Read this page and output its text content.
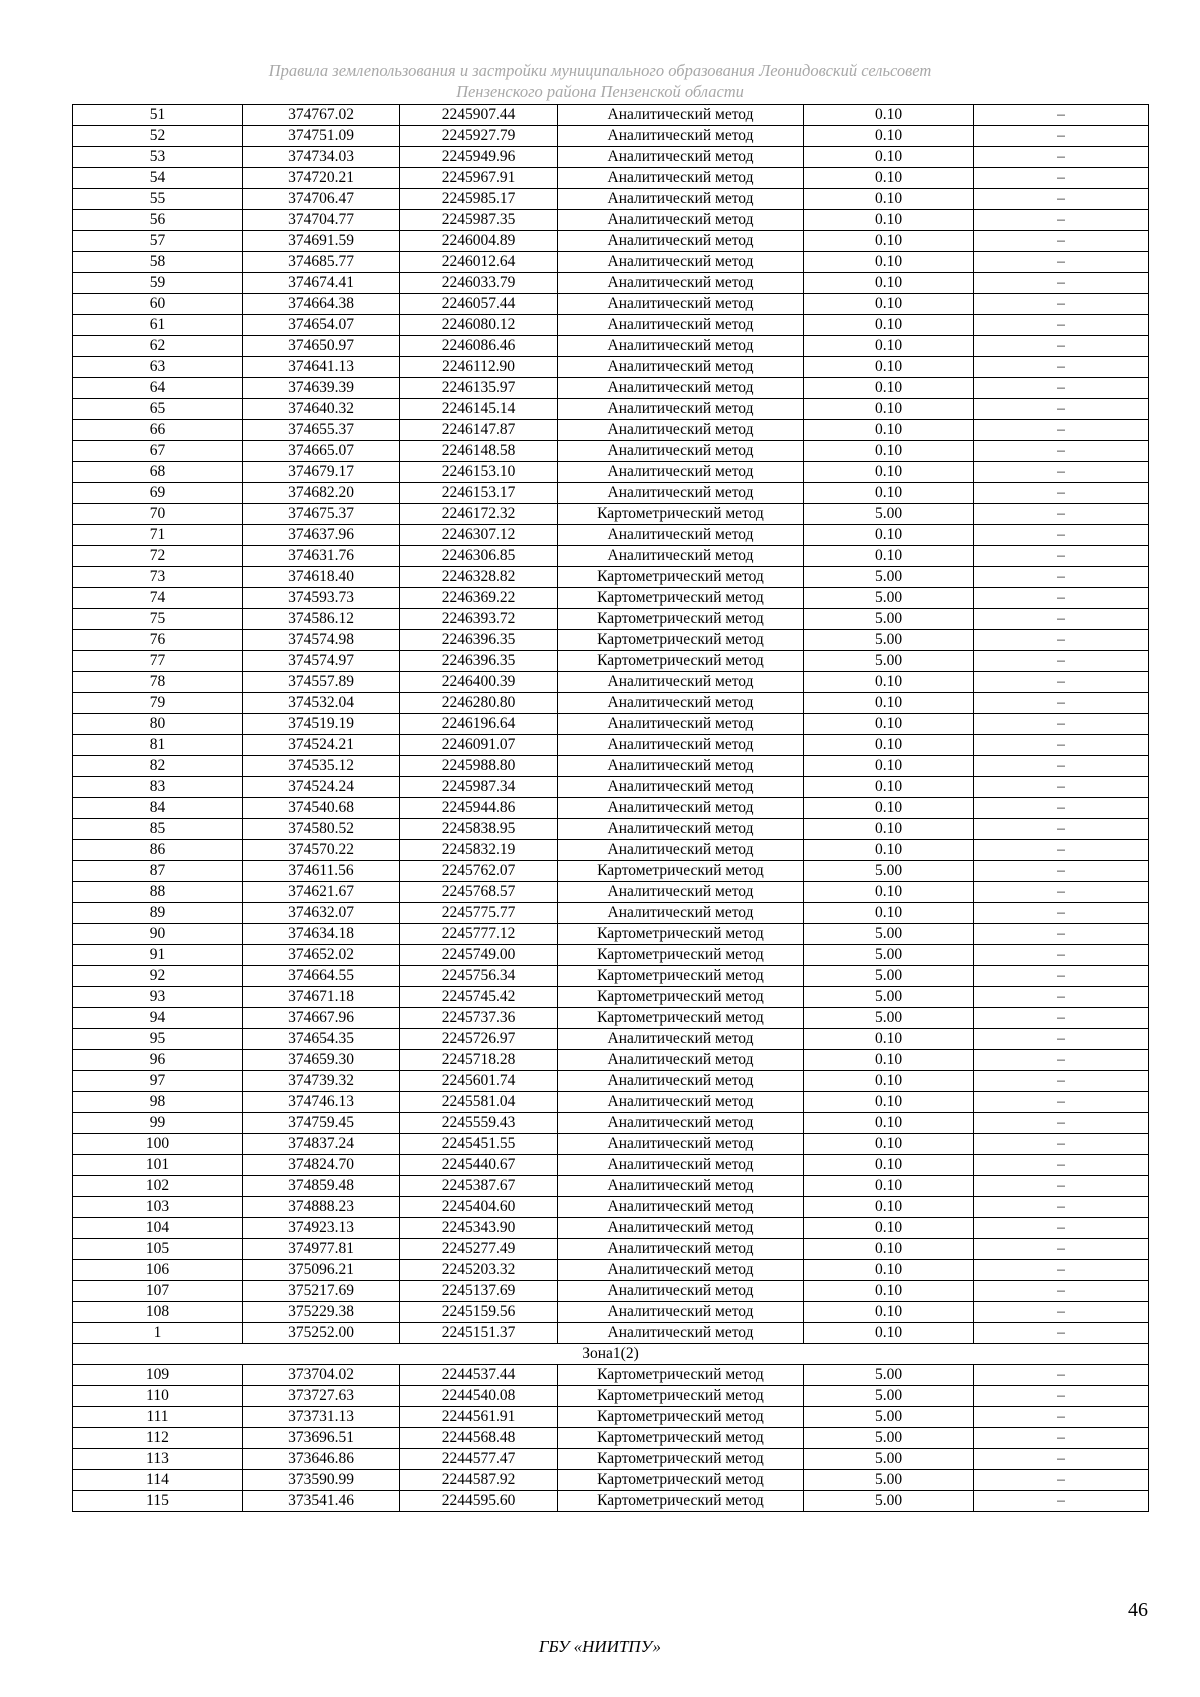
Правила землепользования и застройки муниципального образования Леонидовский сельсовет
Пензенского района Пензенской области
51	374767.02	2245907.44	Аналитический метод	0.10	–
52	374751.09	2245927.79	Аналитический метод	0.10	–
53	374734.03	2245949.96	Аналитический метод	0.10	–
54	374720.21	2245967.91	Аналитический метод	0.10	–
55	374706.47	2245985.17	Аналитический метод	0.10	–
56	374704.77	2245987.35	Аналитический метод	0.10	–
57	374691.59	2246004.89	Аналитический метод	0.10	–
58	374685.77	2246012.64	Аналитический метод	0.10	–
59	374674.41	2246033.79	Аналитический метод	0.10	–
60	374664.38	2246057.44	Аналитический метод	0.10	–
61	374654.07	2246080.12	Аналитический метод	0.10	–
62	374650.97	2246086.46	Аналитический метод	0.10	–
63	374641.13	2246112.90	Аналитический метод	0.10	–
64	374639.39	2246135.97	Аналитический метод	0.10	–
65	374640.32	2246145.14	Аналитический метод	0.10	–
66	374655.37	2246147.87	Аналитический метод	0.10	–
67	374665.07	2246148.58	Аналитический метод	0.10	–
68	374679.17	2246153.10	Аналитический метод	0.10	–
69	374682.20	2246153.17	Аналитический метод	0.10	–
70	374675.37	2246172.32	Картометрический метод	5.00	–
71	374637.96	2246307.12	Аналитический метод	0.10	–
72	374631.76	2246306.85	Аналитический метод	0.10	–
73	374618.40	2246328.82	Картометрический метод	5.00	–
74	374593.73	2246369.22	Картометрический метод	5.00	–
75	374586.12	2246393.72	Картометрический метод	5.00	–
76	374574.98	2246396.35	Картометрический метод	5.00	–
77	374574.97	2246396.35	Картометрический метод	5.00	–
78	374557.89	2246400.39	Аналитический метод	0.10	–
79	374532.04	2246280.80	Аналитический метод	0.10	–
80	374519.19	2246196.64	Аналитический метод	0.10	–
81	374524.21	2246091.07	Аналитический метод	0.10	–
82	374535.12	2245988.80	Аналитический метод	0.10	–
83	374524.24	2245987.34	Аналитический метод	0.10	–
84	374540.68	2245944.86	Аналитический метод	0.10	–
85	374580.52	2245838.95	Аналитический метод	0.10	–
86	374570.22	2245832.19	Аналитический метод	0.10	–
87	374611.56	2245762.07	Картометрический метод	5.00	–
88	374621.67	2245768.57	Аналитический метод	0.10	–
89	374632.07	2245775.77	Аналитический метод	0.10	–
90	374634.18	2245777.12	Картометрический метод	5.00	–
91	374652.02	2245749.00	Картометрический метод	5.00	–
92	374664.55	2245756.34	Картометрический метод	5.00	–
93	374671.18	2245745.42	Картометрический метод	5.00	–
94	374667.96	2245737.36	Картометрический метод	5.00	–
95	374654.35	2245726.97	Аналитический метод	0.10	–
96	374659.30	2245718.28	Аналитический метод	0.10	–
97	374739.32	2245601.74	Аналитический метод	0.10	–
98	374746.13	2245581.04	Аналитический метод	0.10	–
99	374759.45	2245559.43	Аналитический метод	0.10	–
100	374837.24	2245451.55	Аналитический метод	0.10	–
101	374824.70	2245440.67	Аналитический метод	0.10	–
102	374859.48	2245387.67	Аналитический метод	0.10	–
103	374888.23	2245404.60	Аналитический метод	0.10	–
104	374923.13	2245343.90	Аналитический метод	0.10	–
105	374977.81	2245277.49	Аналитический метод	0.10	–
106	375096.21	2245203.32	Аналитический метод	0.10	–
107	375217.69	2245137.69	Аналитический метод	0.10	–
108	375229.38	2245159.56	Аналитический метод	0.10	–
1	375252.00	2245151.37	Аналитический метод	0.10	–
Зона1(2)					
109	373704.02	2244537.44	Картометрический метод	5.00	–
110	373727.63	2244540.08	Картометрический метод	5.00	–
111	373731.13	2244561.91	Картометрический метод	5.00	–
112	373696.51	2244568.48	Картометрический метод	5.00	–
113	373646.86	2244577.47	Картометрический метод	5.00	–
114	373590.99	2244587.92	Картометрический метод	5.00	–
115	373541.46	2244595.60	Картометрический метод	5.00	–
46
ГБУ «НИИТПУ»
